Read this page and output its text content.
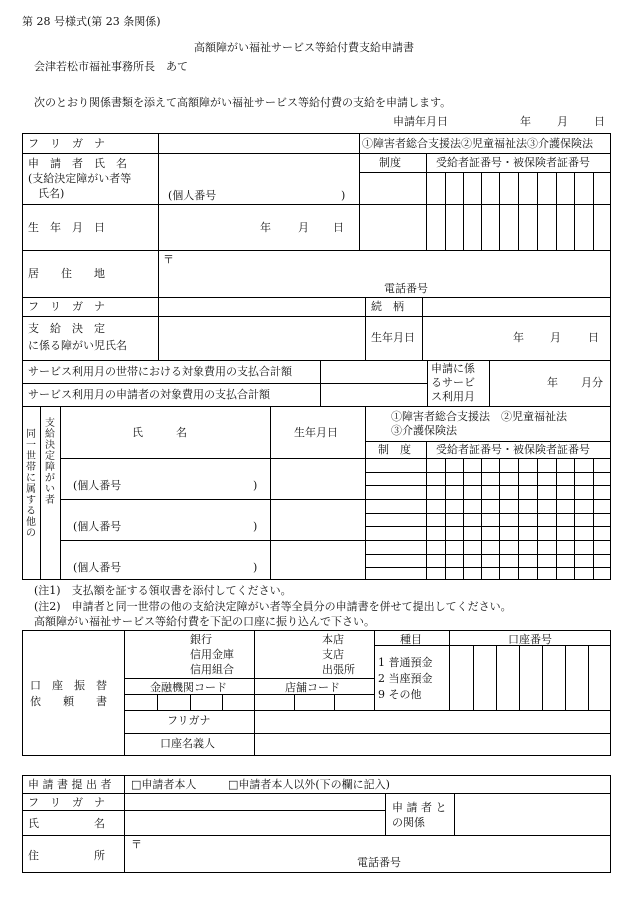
第 28 号様式(第 23 条関係)
高額障がい福祉サービス等給付費支給申請書
会津若松市福祉事務所長　あて
次のとおり関係書類を添えて高額障がい福祉サービス等給付費の支給を申請します。
申請年月日	年 月 日
フ　リ　ガ　ナ
申　請　者　氏　名
(支給決定障がい者等
氏名)	(個人番号	)
①障害者総合支援法②児童福祉法③介護保険法
制度	受給者証番号・被保険者証番号
生　年　月　日	年 月 日
居　　住　　地
〒
電話番号
フ　リ　ガ　ナ	続　柄
支　給　決　定
に係る障がい児氏名
生年月日	年 月 日
サービス利用月の世帯における対象費用の支払合計額
サービス利用月の申請者の対象費用の支払合計額
申請に係
るサービ
ス利用月
年 月分
同一世帯に属する他の
支給決定障がい者
氏　　　名	生年月日
①障害者総合支援法　②児童福祉法
③介護保険法
制　度 受給者証番号・被保険者証番号
(個人番号	)
(個人番号	)
(個人番号	)
(注1)　支払額を証する領収書を添付してください。
(注2)　申請者と同一世帯の他の支給決定障がい者等全員分の申請書を併せて提出してください。
高額障がい福祉サービス等給付費を下記の口座に振り込んで下さい。
口　座　振　替
依　　頼　　書
銀行
信用金庫
信用組合
本店
支店
出張所
金融機関コード	店舗コード
種目
1 普通預金
2 当座預金
9 その他
口座番号
フリガナ
口座名義人
申 請 書 提 出 者 □申請者本人	□申請者本人以外(下の欄に記入)
フ　リ　ガ　ナ
氏　　　　　名
申 請 者 と
の関係
住　　　　　所
〒
電話番号
